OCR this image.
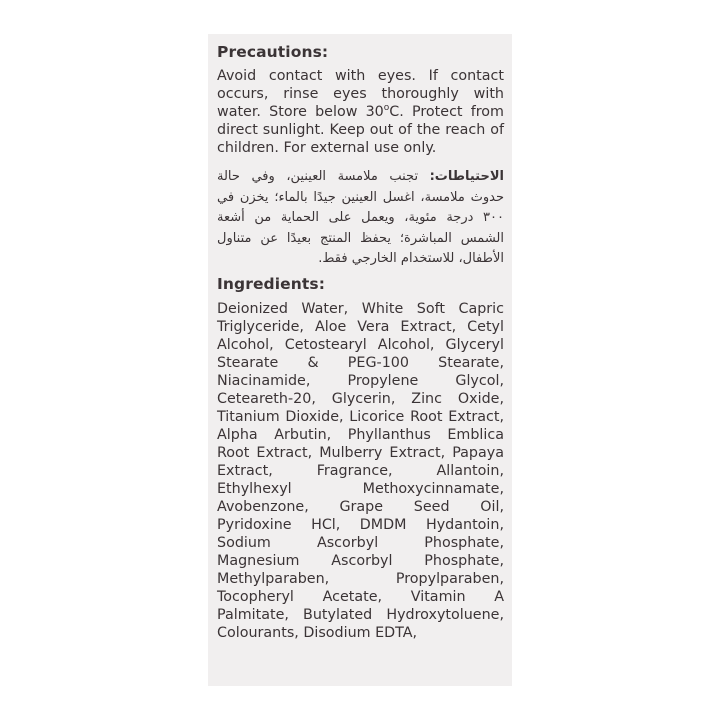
Precautions:

Avoid contact with eyes. If contact occurs, rinse eyes thoroughly with water. Store below 30$^o$C. Protect from direct sunlight. Keep out of the reach of children. For external use only.

الاحتياطات: تجنب ملامسة العينين، وفي حالة حدوث ملامسة، اغسل العينين جيدًا بالماء؛ يخزن في ٣٠٠ درجة مئوية، ويعمل على الحماية من أشعة الشمس المباشرة؛ يحفظ المنتج بعيدًا عن متناول الأطفال، للاستخدام الخارجي فقط.

Ingredients:

Deionized Water, White Soft Capric Triglyceride, Aloe Vera Extract, Cetyl Alcohol, Cetostearyl Alcohol, Glyceryl Stearate & PEG-100 Stearate, Niacinamide, Propylene Glycol, Ceteareth-20, Glycerin, Zinc Oxide, Titanium Dioxide, Licorice Root Extract, Alpha Arbutin, Phyllanthus Emblica Root Extract, Mulberry Extract, Papaya Extract, Fragrance, Allantoin, Ethylhexyl Methoxycinnamate, Avobenzone, Grape Seed Oil, Pyridoxine HCl, DMDM Hydantoin, Sodium Ascorbyl Phosphate, Magnesium Ascorbyl Phosphate, Methylparaben, Propylparaben, Tocopheryl Acetate, Vitamin A Palmitate, Butylated Hydroxytoluene, Colourants, Disodium EDTA,
